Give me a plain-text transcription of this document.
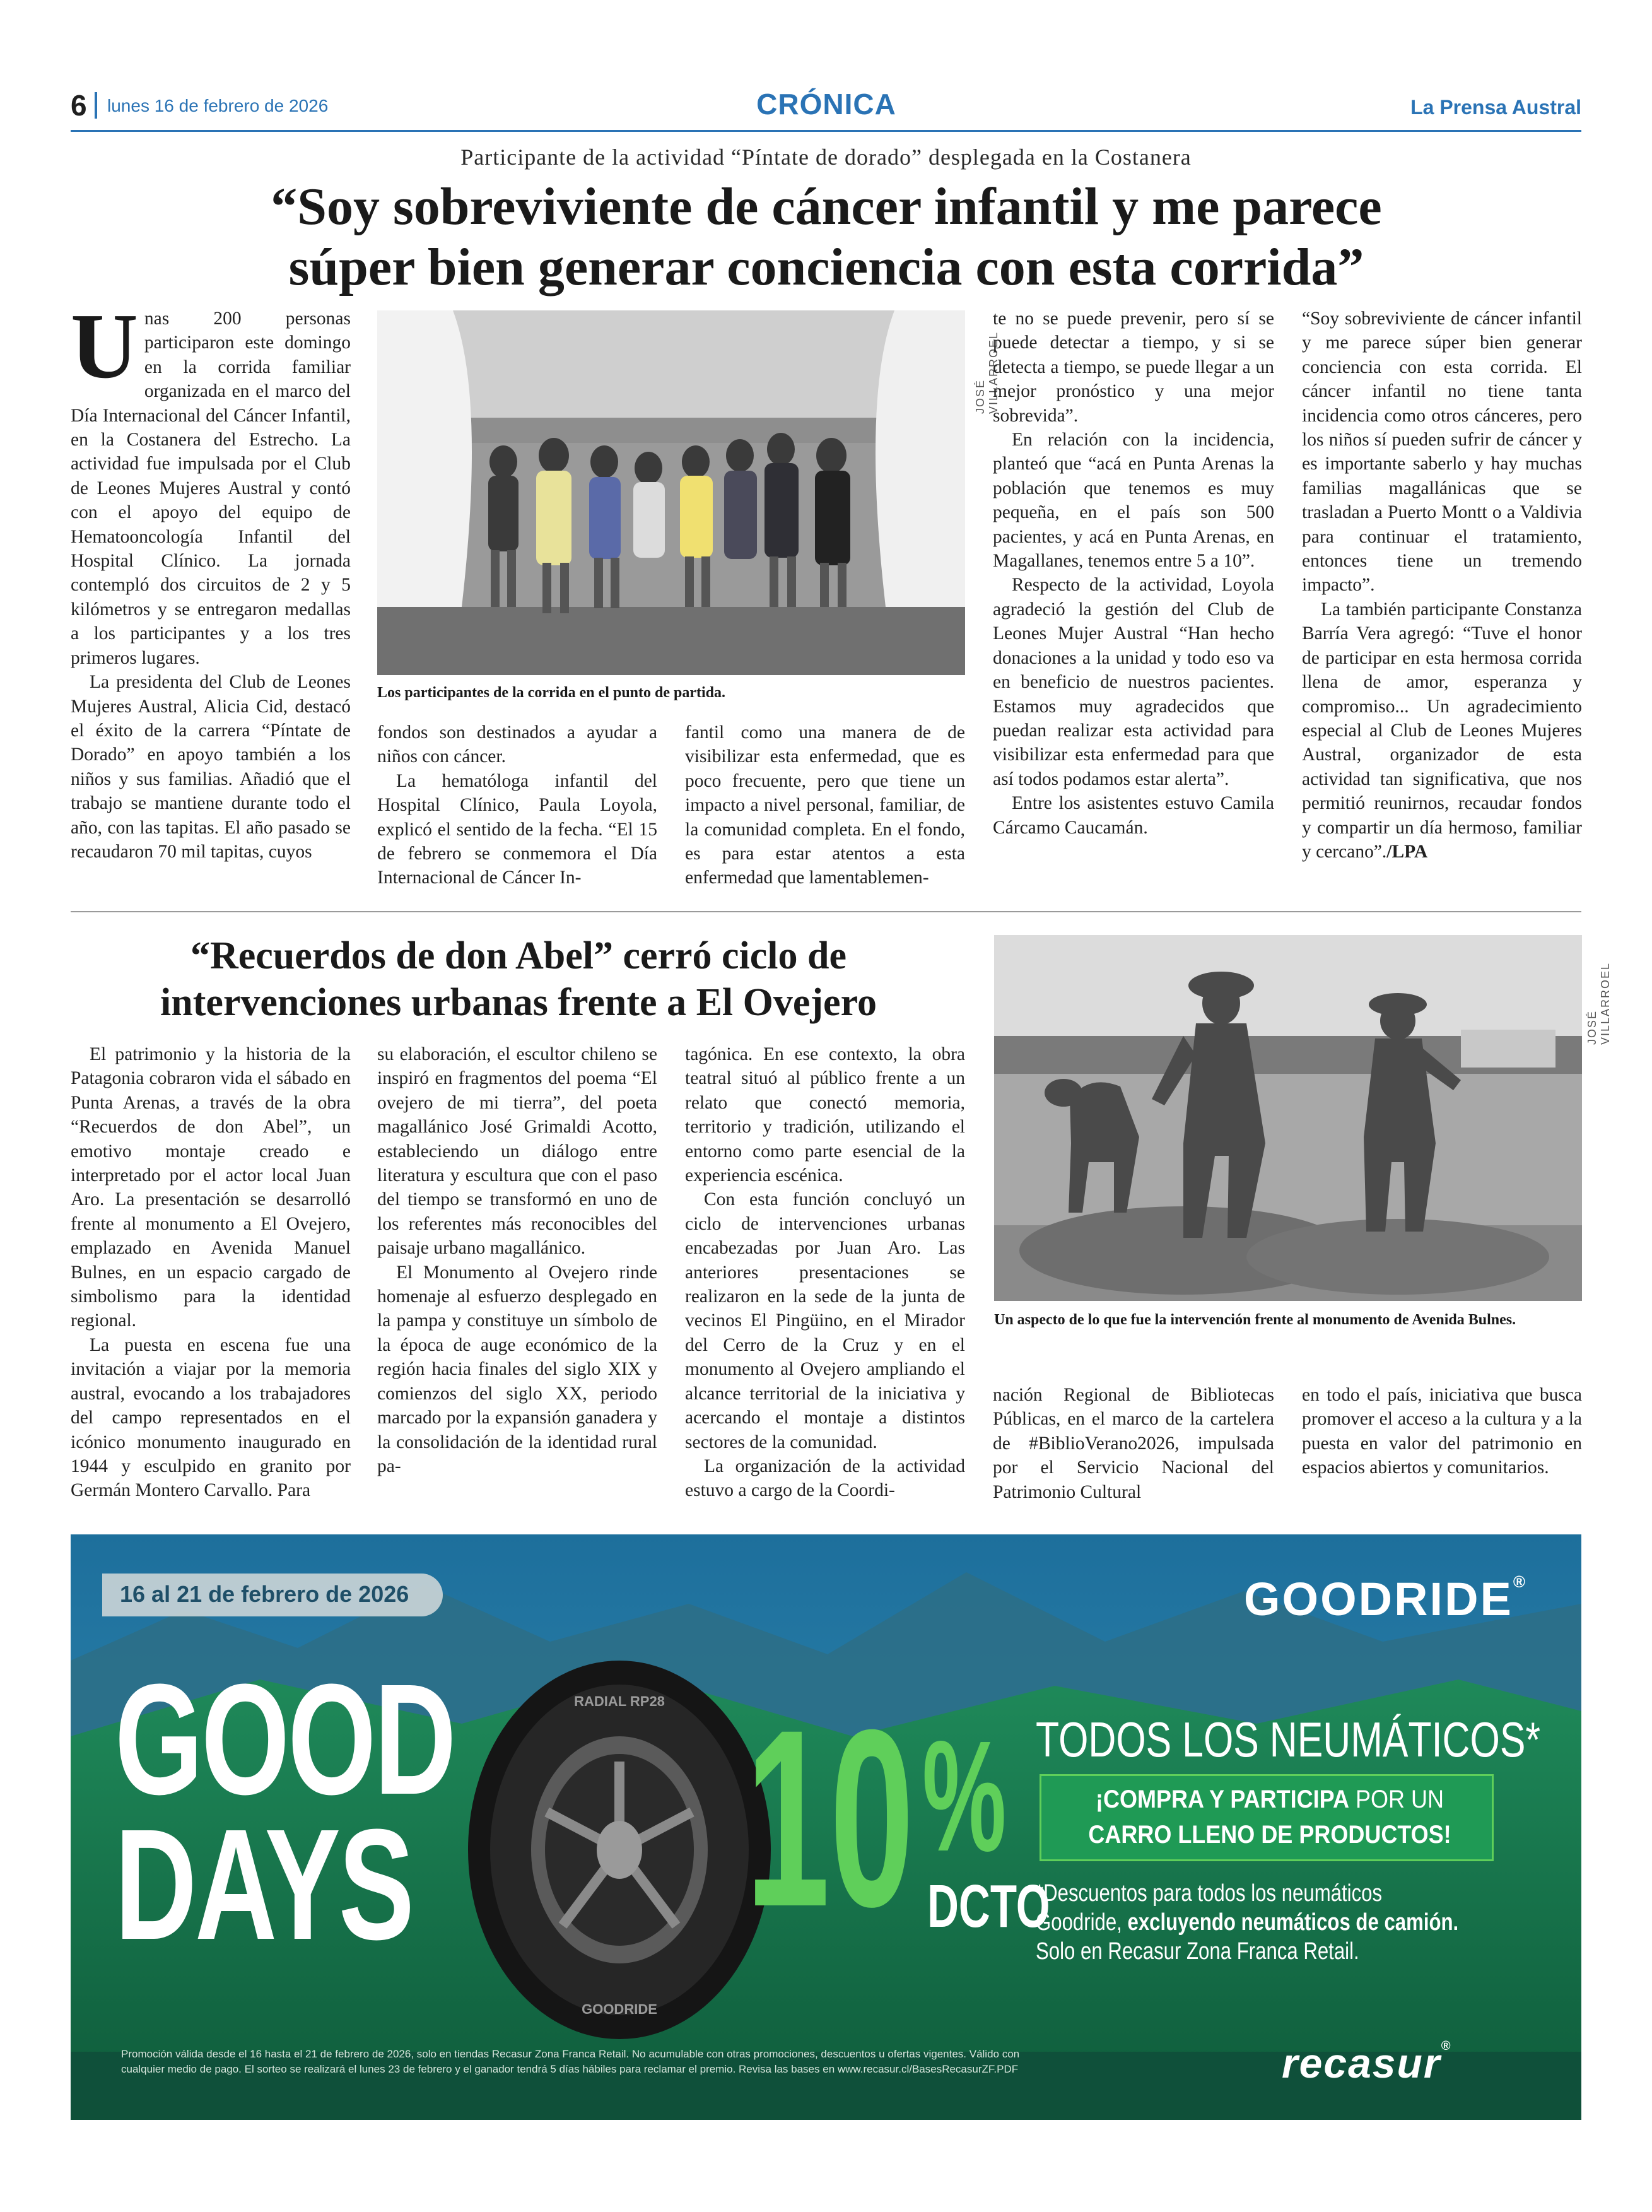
6 lunes 16 de febrero de 2026	CRÓNICA	La Prensa Austral
Participante de la actividad “Píntate de dorado” desplegada en la Costanera
“Soy sobreviviente de cáncer infantil y me parece
súper bien generar conciencia con esta corrida”
U nas 200 personas participaron este domingo en la corrida familiar organizada en el marco del Día Internacional del Cáncer Infantil, en la Costanera del Estrecho. La actividad fue impulsada por el Club de Leones Mujeres Austral y contó con el apoyo del equipo de Hematooncología Infantil del Hospital Clínico. La jornada contempló dos circuitos de 2 y 5 kilómetros y se entregaron medallas a los participantes y a los tres primeros lugares.

La presidenta del Club de Leones Mujeres Austral, Alicia Cid, destacó el éxito de la carrera “Píntate de Dorado” en apoyo también a los niños y sus familias. Añadió que el trabajo se mantiene durante todo el año, con las tapitas. El año pasado se recaudaron 70 mil tapitas, cuyos

JOSÉ VILLARROEL
Los participantes de la corrida en el punto de partida.

fondos son destinados a ayudar a niños con cáncer.

La hematóloga infantil del Hospital Clínico, Paula Loyola, explicó el sentido de la fecha. “El 15 de febrero se conmemora el Día Internacional de Cáncer In-

fantil como una manera de de visibilizar esta enfermedad, que es poco frecuente, pero que tiene un impacto a nivel personal, familiar, de la comunidad completa. En el fondo, es para estar atentos a esta enfermedad que lamentablemen-

te no se puede prevenir, pero sí se puede detectar a tiempo, y si se detecta a tiempo, se puede llegar a un mejor pronóstico y una mejor sobrevida”.

En relación con la incidencia, planteó que “acá en Punta Arenas la población que tenemos es muy pequeña, en el país son 500 pacientes, y acá en Punta Arenas, en Magallanes, tenemos entre 5 a 10”.

Respecto de la actividad, Loyola agradeció la gestión del Club de Leones Mujer Austral “Han hecho donaciones a la unidad y todo eso va en beneficio de nuestros pacientes. Estamos muy agradecidos que puedan realizar esta actividad para visibilizar esta enfermedad para que así todos podamos estar alerta”.

Entre los asistentes estuvo Camila Cárcamo Caucamán.

“Soy sobreviviente de cáncer infantil y me parece súper bien generar conciencia con esta corrida. El cáncer infantil no tiene tanta incidencia como otros cánceres, pero los niños sí pueden sufrir de cáncer y es importante saberlo y hay muchas familias magallánicas que se trasladan a Puerto Montt o a Valdivia para continuar el tratamiento, entonces tiene un tremendo impacto”.

La también participante Constanza Barría Vera agregó: “Tuve el honor de participar en esta hermosa corrida llena de amor, esperanza y compromiso... Un agradecimiento especial al Club de Leones Mujeres Austral, organizador de esta actividad tan significativa, que nos permitió reunirnos, recaudar fondos y compartir un día hermoso, familiar y cercano”./LPA

“Recuerdos de don Abel” cerró ciclo de
intervenciones urbanas frente a El Ovejero

El patrimonio y la historia de la Patagonia cobraron vida el sábado en Punta Arenas, a través de la obra “Recuerdos de don Abel”, un emotivo montaje creado e interpretado por el actor local Juan Aro. La presentación se desarrolló frente al monumento a El Ovejero, emplazado en Avenida Manuel Bulnes, en un espacio cargado de simbolismo para la identidad regional.

La puesta en escena fue una invitación a viajar por la memoria austral, evocando a los trabajadores del campo representados en el icónico monumento inaugurado en 1944 y esculpido en granito por Germán Montero Carvallo. Para

su elaboración, el escultor chileno se inspiró en fragmentos del poema “El ovejero de mi tierra”, del poeta magallánico José Grimaldi Acotto, estableciendo un diálogo entre literatura y escultura que con el paso del tiempo se transformó en uno de los referentes más reconocibles del paisaje urbano magallánico.

El Monumento al Ovejero rinde homenaje al esfuerzo desplegado en la pampa y constituye un símbolo de la época de auge económico de la región hacia finales del siglo XIX y comienzos del siglo XX, periodo marcado por la expansión ganadera y la consolidación de la identidad rural pa-

tagónica. En ese contexto, la obra teatral situó al público frente a un relato que conectó memoria, territorio y tradición, utilizando el entorno como parte esencial de la experiencia escénica.

Con esta función concluyó un ciclo de intervenciones urbanas encabezadas por Juan Aro. Las anteriores presentaciones se realizaron en la sede de la junta de vecinos El Pingüino, en el Mirador del Cerro de la Cruz y en el monumento al Ovejero ampliando el alcance territorial de la iniciativa y acercando el montaje a distintos sectores de la comunidad.

La organización de la actividad estuvo a cargo de la Coordi-

JOSÉ VILLARROEL
Un aspecto de lo que fue la intervención frente al monumento de Avenida Bulnes.

nación Regional de Bibliotecas Públicas, en el marco de la cartelera de #BiblioVerano2026, impulsada por el Servicio Nacional del Patrimonio Cultural

en todo el país, iniciativa que busca promover el acceso a la cultura y a la puesta en valor del patrimonio en espacios abiertos y comunitarios.

16 al 21 de febrero de 2026	GOODRIDE®
GOOD
DAYS
RADIAL RP28
GOODRIDE
10 %
DCTO
TODOS LOS NEUMÁTICOS*
¡COMPRA Y PARTICIPA POR UN
CARRO LLENO DE PRODUCTOS!
*Descuentos para todos los neumáticos
Goodride, excluyendo neumáticos de camión.
Solo en Recasur Zona Franca Retail.
Promoción válida desde el 16 hasta el 21 de febrero de 2026, solo en tiendas Recasur Zona Franca Retail. No acumulable con otras promociones, descuentos u ofertas vigentes. Válido con
cualquier medio de pago. El sorteo se realizará el lunes 23 de febrero y el ganador tendrá 5 días hábiles para reclamar el premio. Revisa las bases en www.recasur.cl/BasesRecasurZF.PDF	recasur®
